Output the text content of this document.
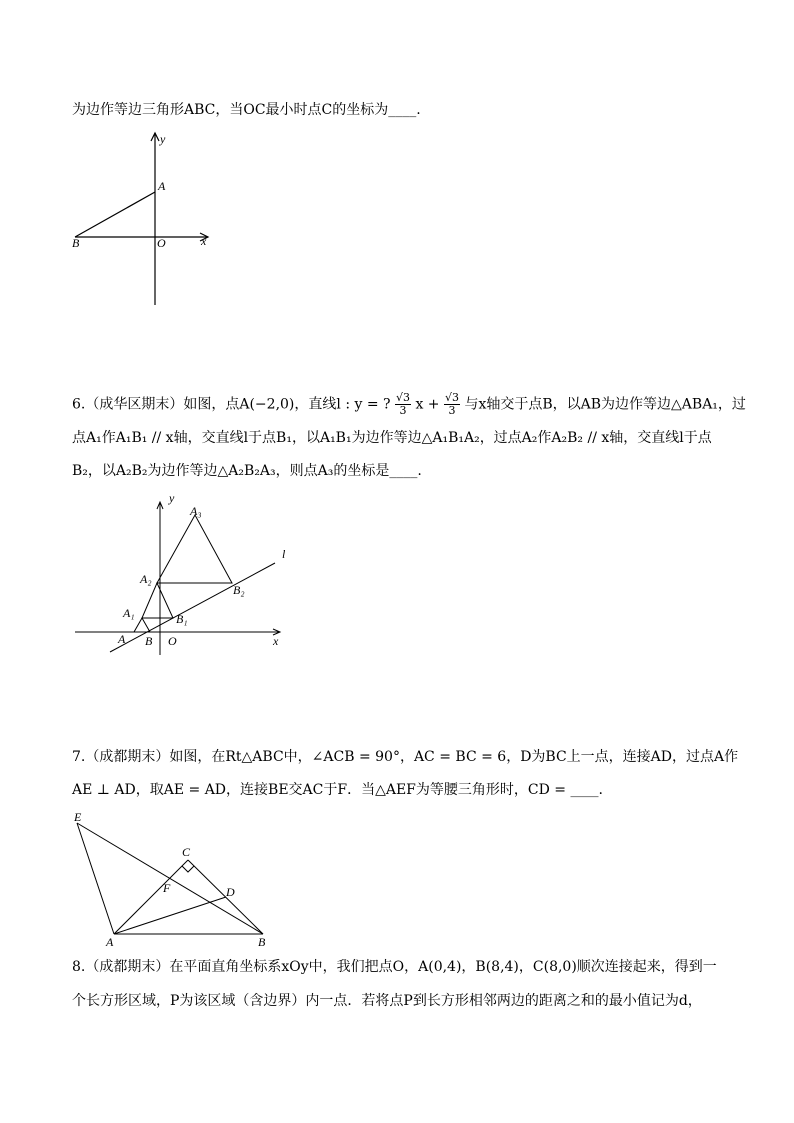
为边作等边三角形ABC，当OC最小时点C的坐标为____.
y
A
B	O	x
6.（成华区期末）如图，点A(−2,0)，直线l : y = ? $\frac{√3}{3}$ $x + \frac{√3}{3}$ 与x轴交于点B，以AB为边作等边△ABA₁，过
点A₁作A₁B₁ // x轴，交直线l于点B₁，以A₁B₁为边作等边△A₁B₁A₂，过点A₂作A₂B₂ // x轴，交直线l于点
B₂，以A₂B₂为边作等边△A₂B₂A₃，则点A₃的坐标是____.
y
A₃
l
A₂
B₂
A₁	B₁
A B O	x
7.（成都期末）如图，在Rt△ABC中，∠ACB = 90°，AC = BC = 6，D为BC上一点，连接AD，过点A作
AE ⊥ AD，取AE = AD，连接BE交AC于F．当△AEF为等腰三角形时，CD = ____.
E
C
F	D
A	B
8.（成都期末）在平面直角坐标系xOy中，我们把点O，A(0,4)，B(8,4)，C(8,0)顺次连接起来，得到一
个长方形区域，P为该区域（含边界）内一点．若将点P到长方形相邻两边的距离之和的最小值记为d，
